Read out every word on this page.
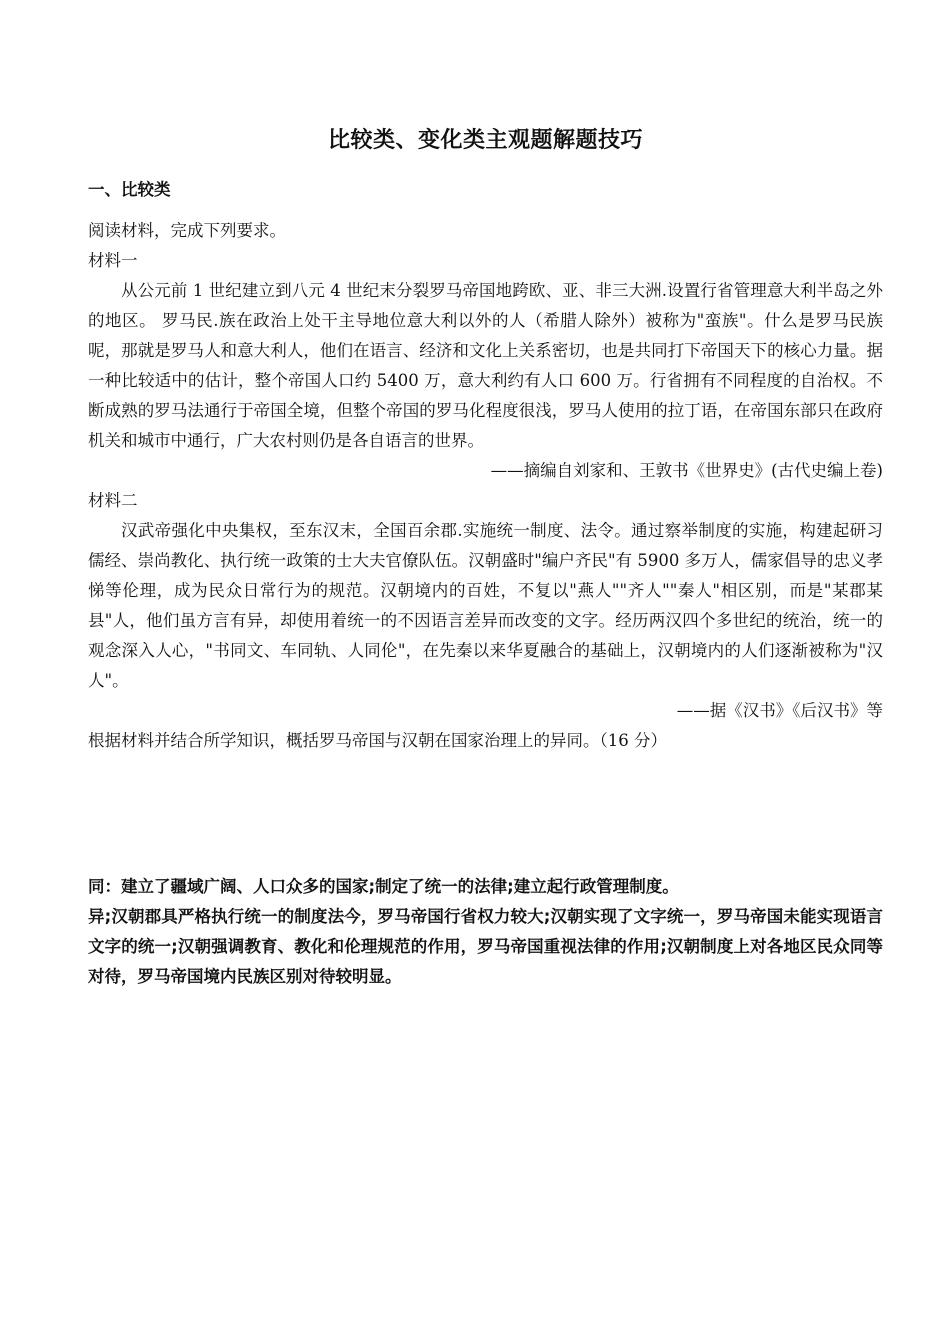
比较类、变化类主观题解题技巧
一、比较类

阅读材料，完成下列要求。

材料一

从公元前 1 世纪建立到八元 4 世纪末分裂罗马帝国地跨欧、亚、非三大洲.设置行省管理意大利半岛之外的地区。 罗马民.族在政治上处干主导地位意大利以外的人（希腊人除外）被称为"蛮族"。什么是罗马民族呢，那就是罗马人和意大利人，他们在语言、经济和文化上关系密切，也是共同打下帝国天下的核心力量。据一种比较适中的估计，整个帝国人口约 5400 万，意大利约有人口 600 万。行省拥有不同程度的自治权。不断成熟的罗马法通行于帝国全境，但整个帝国的罗马化程度很浅，罗马人使用的拉丁语，在帝国东部只在政府机关和城市中通行，广大农村则仍是各自语言的世界。

——摘编自刘家和、王敦书《世界史》(古代史编上卷)

材料二

汉武帝强化中央集权，至东汉末，全国百余郡.实施统一制度、法令。通过察举制度的实施，构建起研习儒经、崇尚教化、执行统一政策的士大夫官僚队伍。汉朝盛时"编户齐民"有 5900 多万人，儒家倡导的忠义孝悌等伦理，成为民众日常行为的规范。汉朝境内的百姓，不复以"燕人""齐人""秦人"相区别，而是"某郡某县"人，他们虽方言有异，却使用着统一的不因语言差异而改变的文字。经历两汉四个多世纪的统治，统一的观念深入人心，"书同文、车同轨、人同伦"，在先秦以来华夏融合的基础上，汉朝境内的人们逐渐被称为"汉人"。

——据《汉书》《后汉书》等

根据材料并结合所学知识，概括罗马帝国与汉朝在国家治理上的异同。（16 分）

同：建立了疆域广阔、人口众多的国家;制定了统一的法律;建立起行政管理制度。

异;汉朝郡具严格执行统一的制度法今，罗马帝国行省权力较大;汉朝实现了文字统一，罗马帝国未能实现语言文字的统一;汉朝强调教育、教化和伦理规范的作用，罗马帝国重视法律的作用;汉朝制度上对各地区民众同等对待，罗马帝国境内民族区别对待较明显。
